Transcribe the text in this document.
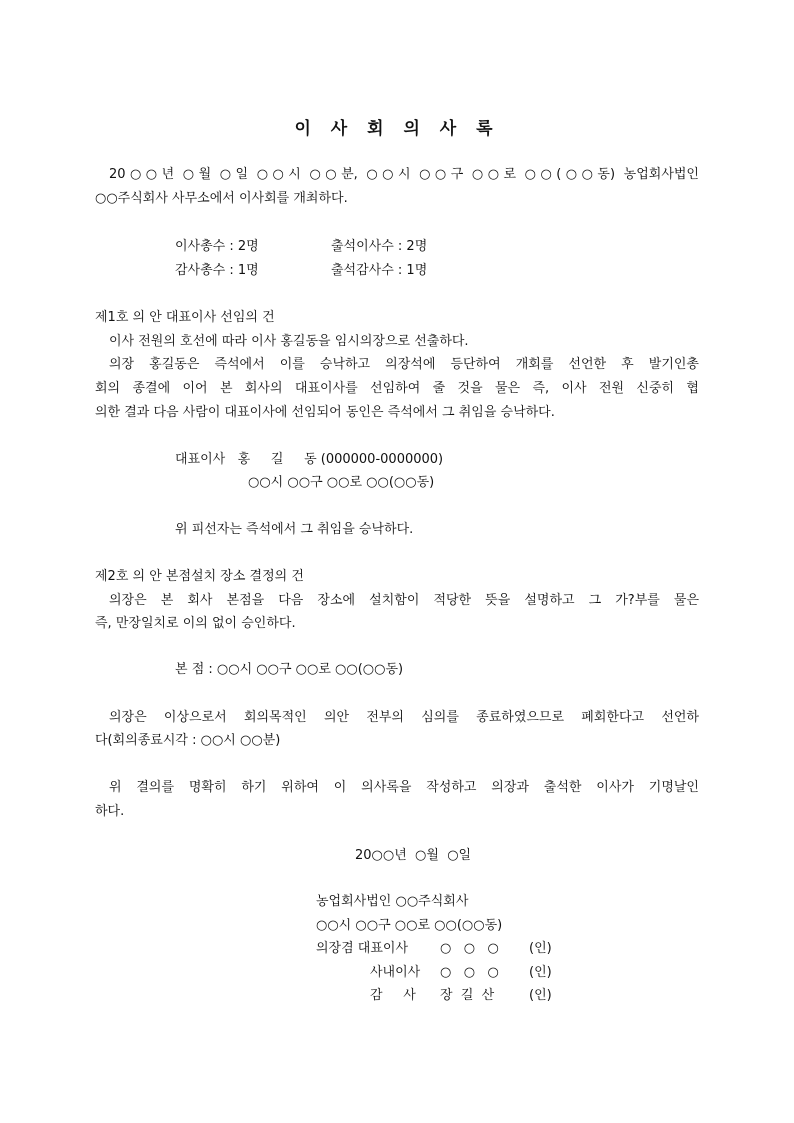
이 사 회 의 사 록
20○○년 ○월 ○일 ○○시 ○○분, ○○시 ○○구 ○○로 ○○(○○동) 농업회사법인
○○주식회사 사무소에서 이사회를 개최하다.
이사총수 : 2명	출석이사수 : 2명
감사총수 : 1명	출석감사수 : 1명
제1호 의 안 대표이사 선임의 건
이사 전원의 호선에 따라 이사 홍길동을 임시의장으로 선출하다.
의장 홍길동은 즉석에서 이를 승낙하고 의장석에 등단하여 개회를 선언한 후 발기인총
회의 종결에 이어 본 회사의 대표이사를 선임하여 줄 것을 물은 즉, 이사 전원 신중히 협
의한 결과 다음 사람이 대표이사에 선임되어 동인은 즉석에서 그 취임을 승낙하다.
대표이사   홍     길     동 (000000-0000000)
○○시 ○○구 ○○로 ○○(○○동)
위 피선자는 즉석에서 그 취임을 승낙하다.
제2호 의 안 본점설치 장소 결정의 건
의장은 본 회사 본점을 다음 장소에 설치함이 적당한 뜻을 설명하고 그 가?부를 물은
즉, 만장일치로 이의 없이 승인하다.
본 점 : ○○시 ○○구 ○○로 ○○(○○동)
의장은 이상으로서 회의목적인 의안 전부의 심의를 종료하였으므로 폐회한다고 선언하
다(회의종료시각 : ○○시 ○○분)
위 결의를 명확히 하기 위하여 이 의사록을 작성하고 의장과 출석한 이사가 기명날인
하다.
20○○년  ○월  ○일
농업회사법인 ○○주식회사
○○시 ○○구 ○○로 ○○(○○동)
의장겸 대표이사 ○   ○   ○ (인)
사내이사 ○   ○   ○ (인)
감     사 장  길  산	(인)
